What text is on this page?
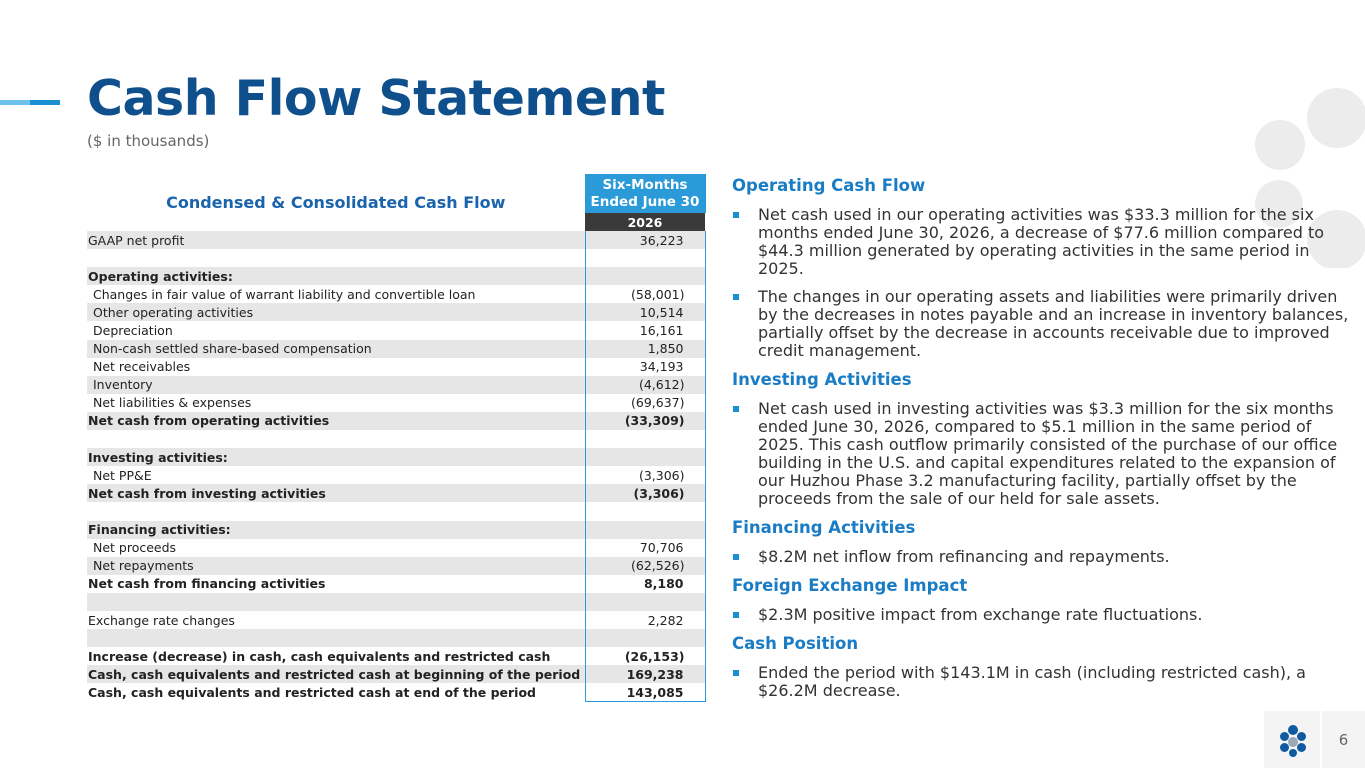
Cash Flow Statement
($ in thousands)
Condensed & Consolidated Cash Flow	Six-Months
Ended June 30

	2026
GAAP net profit	36,223

Operating activities:	
Changes in fair value of warrant liability and convertible loan	(58,001)
Other operating activities	10,514
Depreciation	16,161
Non-cash settled share-based compensation	1,850
Net receivables	34,193
Inventory	(4,612)
Net liabilities & expenses	(69,637)
Net cash from operating activities	(33,309)

Investing activities:	
Net PP&E	(3,306)
Net cash from investing activities	(3,306)

Financing activities:	
Net proceeds	70,706
Net repayments	(62,526)
Net cash from financing activities	8,180

Exchange rate changes	2,282

Increase (decrease) in cash, cash equivalents and restricted cash	(26,153)
Cash, cash equivalents and restricted cash at beginning of the period	169,238
Cash, cash equivalents and restricted cash at end of the period	143,085
Operating Cash Flow
Net cash used in our operating activities was $33.3 million for the six months ended June 30, 2026, a decrease of $77.6 million compared to $44.3 million generated by operating activities in the same period in 2025.
The changes in our operating assets and liabilities were primarily driven by the decreases in notes payable and an increase in inventory balances, partially offset by the decrease in accounts receivable due to improved credit management.
Investing Activities
Net cash used in investing activities was $3.3 million for the six months ended June 30, 2026, compared to $5.1 million in the same period of 2025. This cash outflow primarily consisted of the purchase of our office building in the U.S. and capital expenditures related to the expansion of our Huzhou Phase 3.2 manufacturing facility, partially offset by the proceeds from the sale of our held for sale assets.
Financing Activities
$8.2M net inflow from refinancing and repayments.
Foreign Exchange Impact
$2.3M positive impact from exchange rate fluctuations.
Cash Position
Ended the period with $143.1M in cash (including restricted cash), a $26.2M decrease.
6
